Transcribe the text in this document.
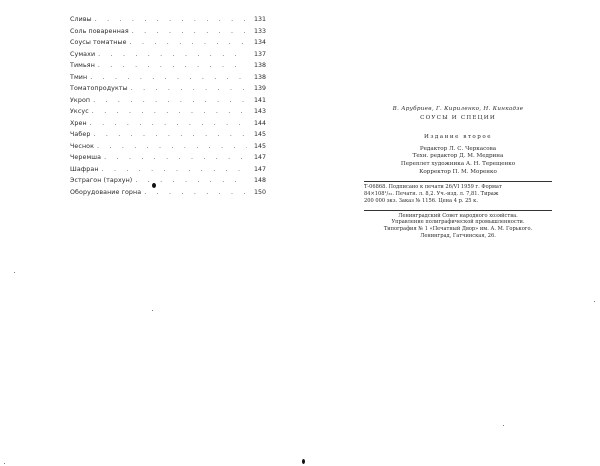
Сливы . . .	131
Соль поваренная . . .	133
Соусы томатные . . .	134
Сумахи . . .	137
Тимьян . . .	138
Тмин . . .	138
Томатопродукты . . .	139
Укроп . . .	141
Уксус . . .	143
Хрен . . .	144
Чабер . . .	145
Чеснок . . .	145
Черемша . . .	147
Шафран . . .	147
Эстрагон (тархун) . . .	148
Оборудование горна . . .	150
В. Арубриев, Г. Кириленко, Н. Кинкадзе
СОУСЫ И СПЕЦИИ
Издание второе
Редактор Л. С. Чеpкасова
Техн. редактор Д. М. Медрина
Переплет художника А. Н. Терещенко
Корректор П. М. Моренко
Т-06868. Подписано к печати 26/VI 1959 г. Формат
84×108¹/₃₂. Печатн. л. 8,2. Уч.-изд. л. 7,81. Тираж
200 000 экз. Заказ № 1156. Цена 4 р. 25 к.
Ленинградский Совет народного хозяйства.
Управление полиграфической промышленности.
Типография № 1 «Печатный Двор» им. А. М. Горького.
Ленинград, Гатчинская, 26.
